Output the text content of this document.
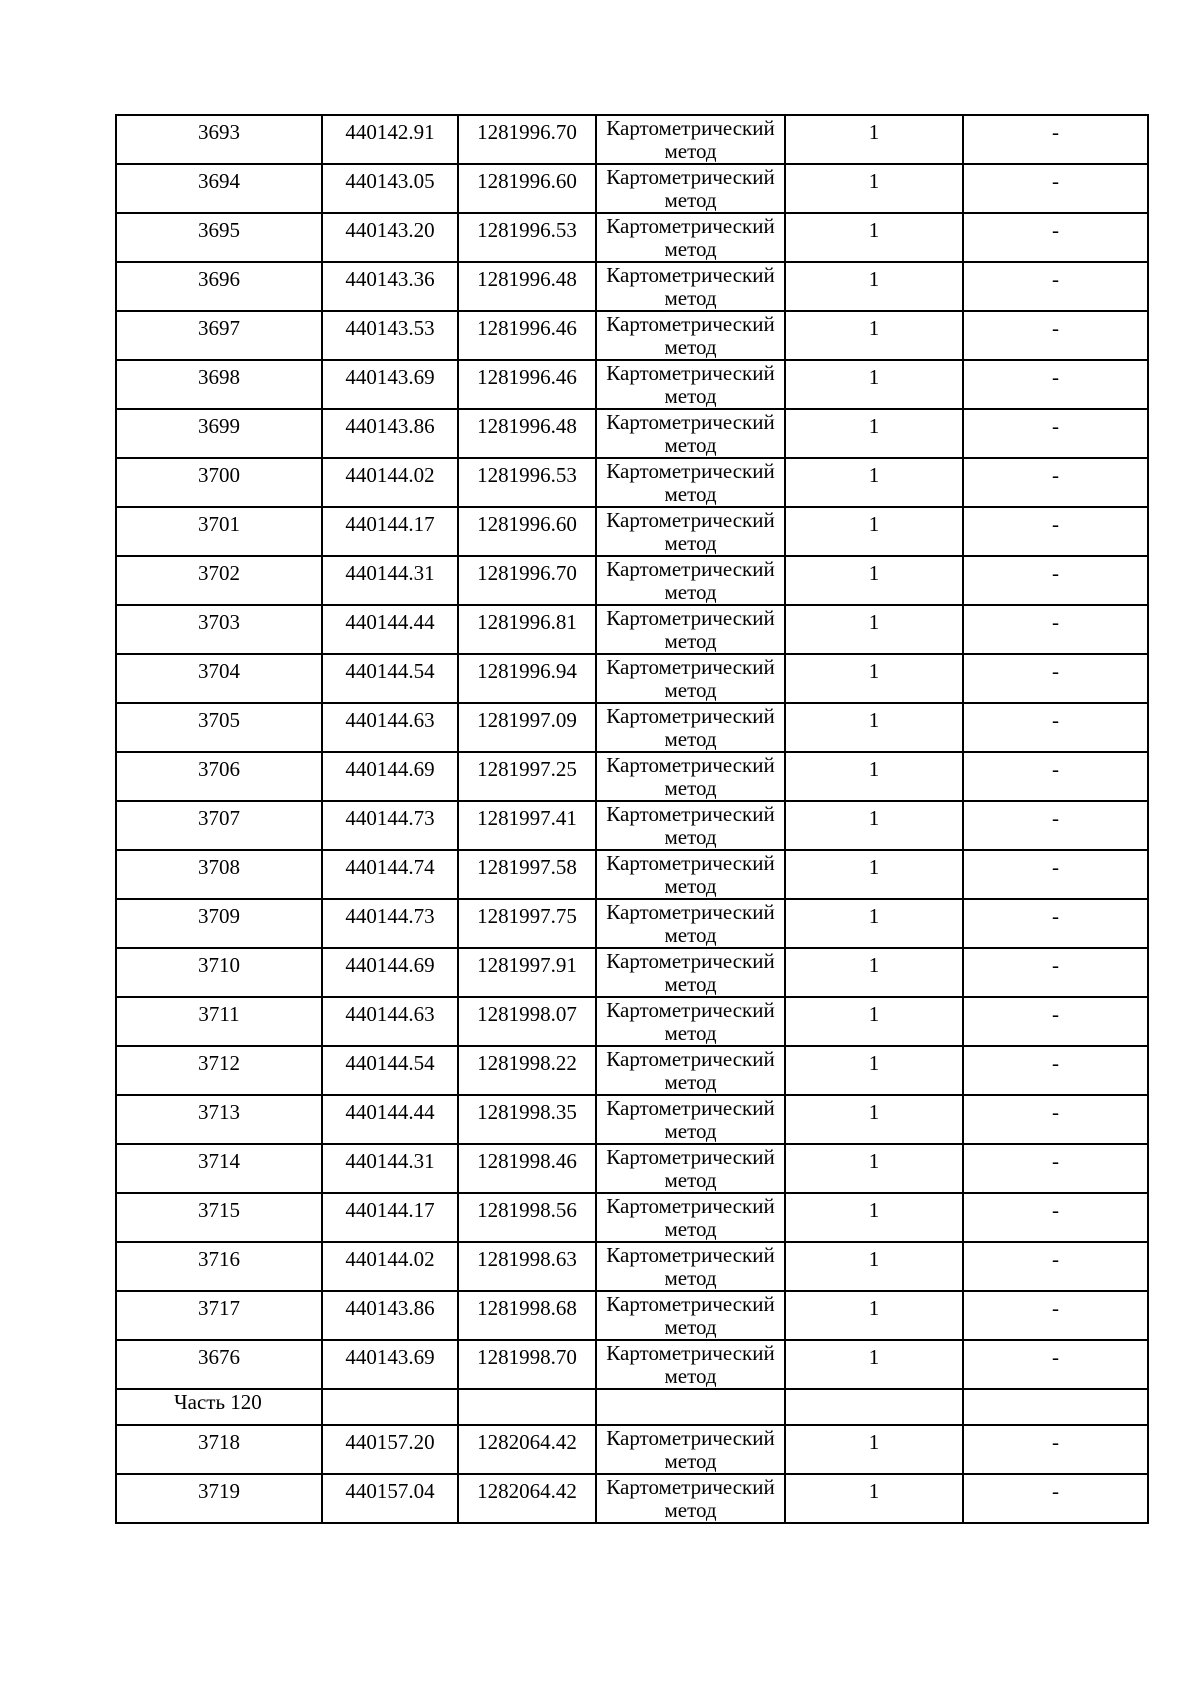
3693	440142.91	1281996.70	Картометрический
метод	1	-
3694	440143.05	1281996.60	Картометрический
метод	1	-
3695	440143.20	1281996.53	Картометрический
метод	1	-
3696	440143.36	1281996.48	Картометрический
метод	1	-
3697	440143.53	1281996.46	Картометрический
метод	1	-
3698	440143.69	1281996.46	Картометрический
метод	1	-
3699	440143.86	1281996.48	Картометрический
метод	1	-
3700	440144.02	1281996.53	Картометрический
метод	1	-
3701	440144.17	1281996.60	Картометрический
метод	1	-
3702	440144.31	1281996.70	Картометрический
метод	1	-
3703	440144.44	1281996.81	Картометрический
метод	1	-
3704	440144.54	1281996.94	Картометрический
метод	1	-
3705	440144.63	1281997.09	Картометрический
метод	1	-
3706	440144.69	1281997.25	Картометрический
метод	1	-
3707	440144.73	1281997.41	Картометрический
метод	1	-
3708	440144.74	1281997.58	Картометрический
метод	1	-
3709	440144.73	1281997.75	Картометрический
метод	1	-
3710	440144.69	1281997.91	Картометрический
метод	1	-
3711	440144.63	1281998.07	Картометрический
метод	1	-
3712	440144.54	1281998.22	Картометрический
метод	1	-
3713	440144.44	1281998.35	Картометрический
метод	1	-
3714	440144.31	1281998.46	Картометрический
метод	1	-
3715	440144.17	1281998.56	Картометрический
метод	1	-
3716	440144.02	1281998.63	Картометрический
метод	1	-
3717	440143.86	1281998.68	Картометрический
метод	1	-
3676	440143.69	1281998.70	Картометрический
метод	1	-
Часть 120					
3718	440157.20	1282064.42	Картометрический
метод	1	-
3719	440157.04	1282064.42	Картометрический
метод	1	-
